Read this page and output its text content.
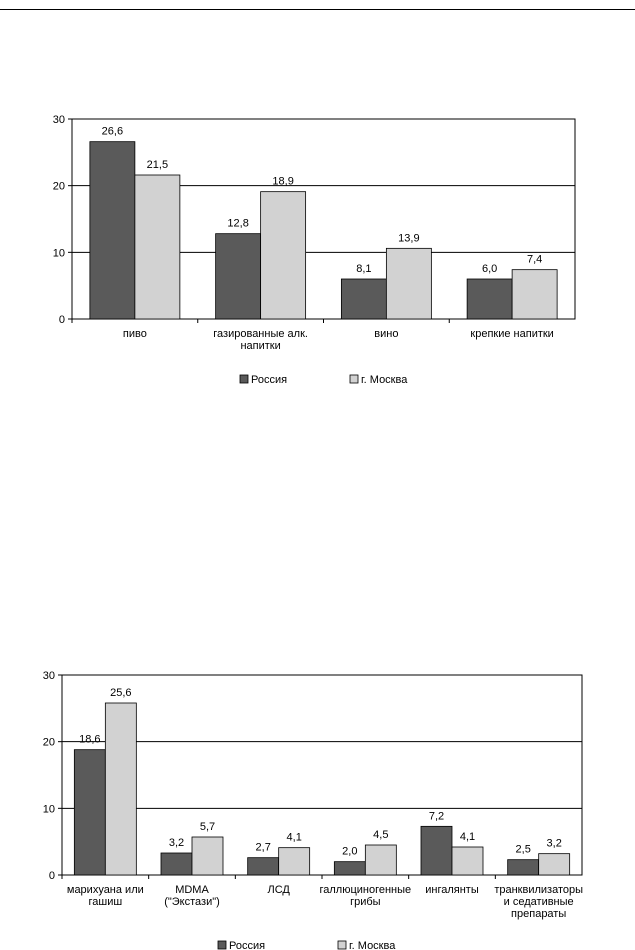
0
10
20
30
26,6
21,5
пиво
12,8
18,9
газированные алк.
напитки
8,1
13,9
вино
6,0
7,4
крепкие напитки
Россия	г. Москва
0
10
20
30
18,6
25,6
марихуана или
гашиш
3,2
5,7
MDMA
("Экстази")
2,7
4,1
ЛСД
2,0
4,5
галлюциногенные
грибы
7,2
4,1
ингалянты
2,5 3,2
транквилизаторы
и седативные
препараты
Россия	г. Москва
